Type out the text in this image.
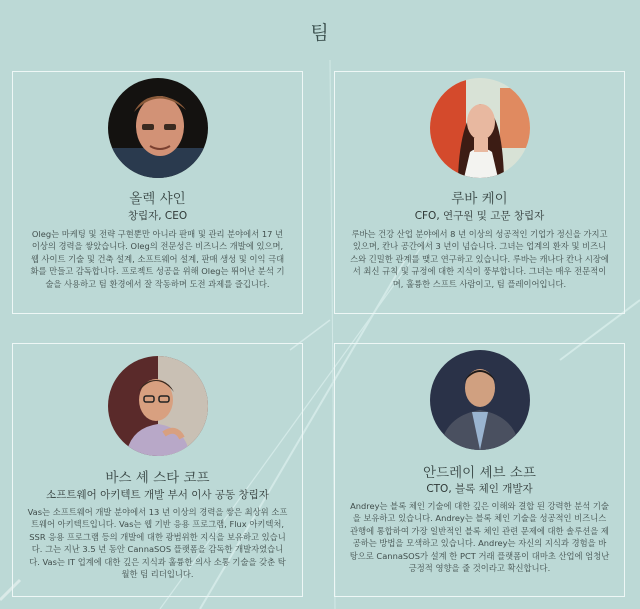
팀
올렉 샤인
창립자, CEO
Oleg는 마케팅 및 전략 구현뿐만 아니라 판매 및 관리 분야에서 17 년 이상의 경력을 쌓았습니다. Oleg의 전문성은 비즈니스 개발에 있으며, 웹 사이트 기술 및 건축 설계, 소프트웨어 설계, 판매 생성 및 이익 극대화를 만들고 감독합니다. 프로젝트 성공을 위해 Oleg는 뛰어난 분석 기술을 사용하고 팀 환경에서 잘 작동하며 도전 과제를 즐깁니다.
루바 케이
CFO, 연구원 및 고문 창립자
루바는 건강 산업 분야에서 8 년 이상의 성공적인 기업가 정신을 가지고 있으며, 칸나 공간에서 3 년이 넘습니다. 그녀는 업계의 환자 및 비즈니스와 긴밀한 관계를 맺고 연구하고 있습니다. 루바는 캐나다 칸나 시장에서 최신 규칙 및 규정에 대한 지식이 풍부합니다. 그녀는 매우 전문적이며, 훌륭한 스프트 사람이고, 팀 플레이어입니다.
바스 셰 스타 코프
소프트웨어 아키텍트 개발 부서 이사 공동 창립자
Vas는 소프트웨어 개발 분야에서 13 년 이상의 경력을 쌓은 최상위 소프트웨어 아키텍트입니다. Vas는 웹 기반 응용 프로그램, Flux 아키텍처, SSR 응용 프로그램 등의 개발에 대한 광범위한 지식을 보유하고 있습니다. 그는 지난 3.5 년 동안 CannaSOS 플랫폼을 감독한 개발자였습니다. Vas는 IT 업계에 대한 깊은 지식과 훌륭한 의사 소통 기술을 갖춘 탁월한 팀 리더입니다.
안드레이 셰브 소프
CTO, 블록 체인 개발자
Andrey는 블록 체인 기술에 대한 깊은 이해와 결합 된 강력한 분석 기술을 보유하고 있습니다. Andrey는 블록 체인 기술을 성공적인 비즈니스 관행에 통합하여 가장 일반적인 블록 체인 관련 문제에 대한 솔루션을 제공하는 방법을 모색하고 있습니다. Andrey는 자신의 지식과 경험을 바탕으로 CannaSOS가 설계 한 PCT 거래 플랫폼이 대마초 산업에 엄청난 긍정적 영향을 줄 것이라고 확신합니다.
